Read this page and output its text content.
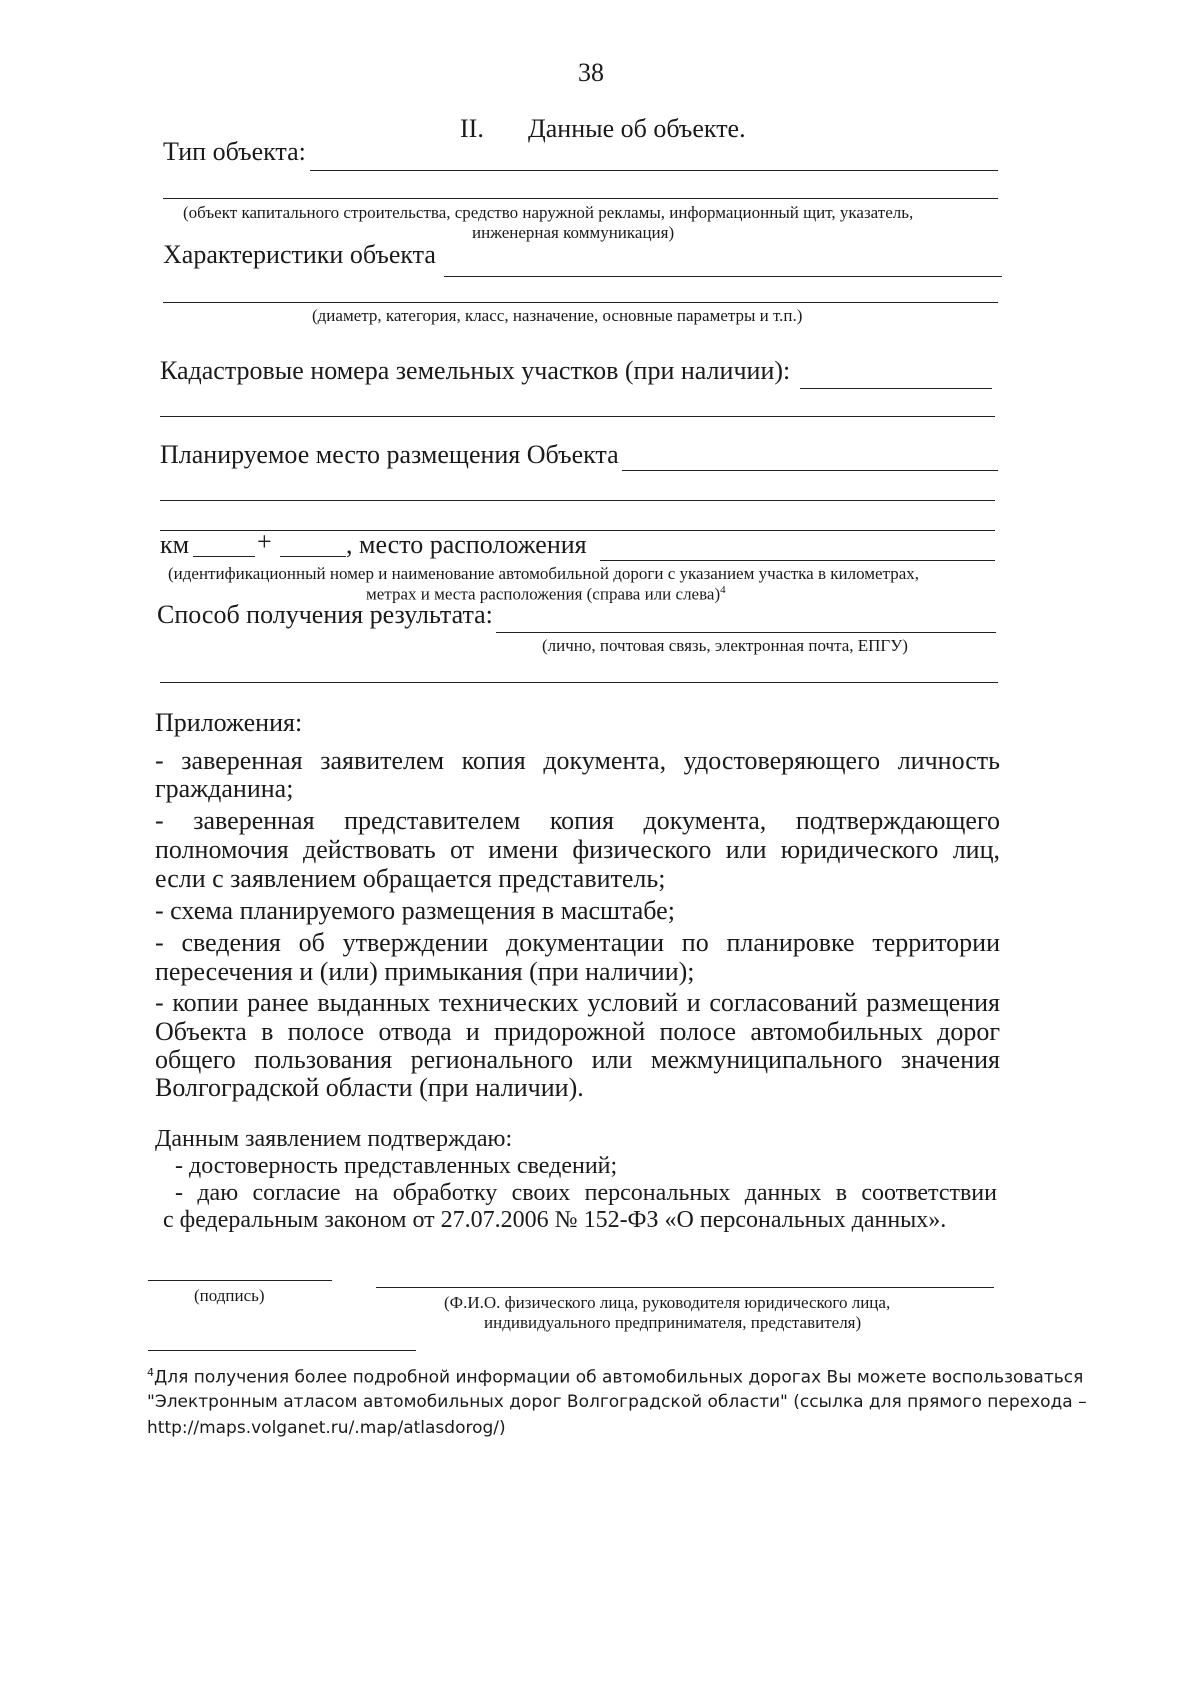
38
II. Данные об объекте.
Тип объекта:
(объект капитального строительства, средство наружной рекламы, информационный щит, указатель,
инженерная коммуникация)
Характеристики объекта
(диаметр, категория, класс, назначение, основные параметры и т.п.)
Кадастровые номера земельных участков (при наличии):
Планируемое место размещения Объекта
км	+	, место расположения
(идентификационный номер и наименование автомобильной дороги с указанием участка в километрах,
метрах и места расположения (справа или слева)$^4$
Способ получения результата:
(лично, почтовая связь, электронная почта, ЕПГУ)
Приложения:
- заверенная заявителем копия документа, удостоверяющего личность
гражданина;
- заверенная представителем копия документа, подтверждающего
полномочия действовать от имени физического или юридического лиц,
если с заявлением обращается представитель;
- схема планируемого размещения в масштабе;
- сведения об утверждении документации по планировке территории
пересечения и (или) примыкания (при наличии);
- копии ранее выданных технических условий и согласований размещения
Объекта в полосе отвода и придорожной полосе автомобильных дорог
общего пользования регионального или межмуниципального значения
Волгоградской области (при наличии).
Данным заявлением подтверждаю:
- достоверность представленных сведений;
- даю согласие на обработку своих персональных данных в соответствии
с федеральным законом от 27.07.2006 № 152-ФЗ «О персональных данных».
(подпись)	(Ф.И.О. физического лица, руководителя юридического лица,
индивидуального предпринимателя, представителя)
$^4$Для получения более подробной информации об автомобильных дорогах Вы можете воспользоваться
"Электронным атласом автомобильных дорог Волгоградской области" (ссылка для прямого перехода –
http://maps.volganet.ru/.map/atlasdorog/)
